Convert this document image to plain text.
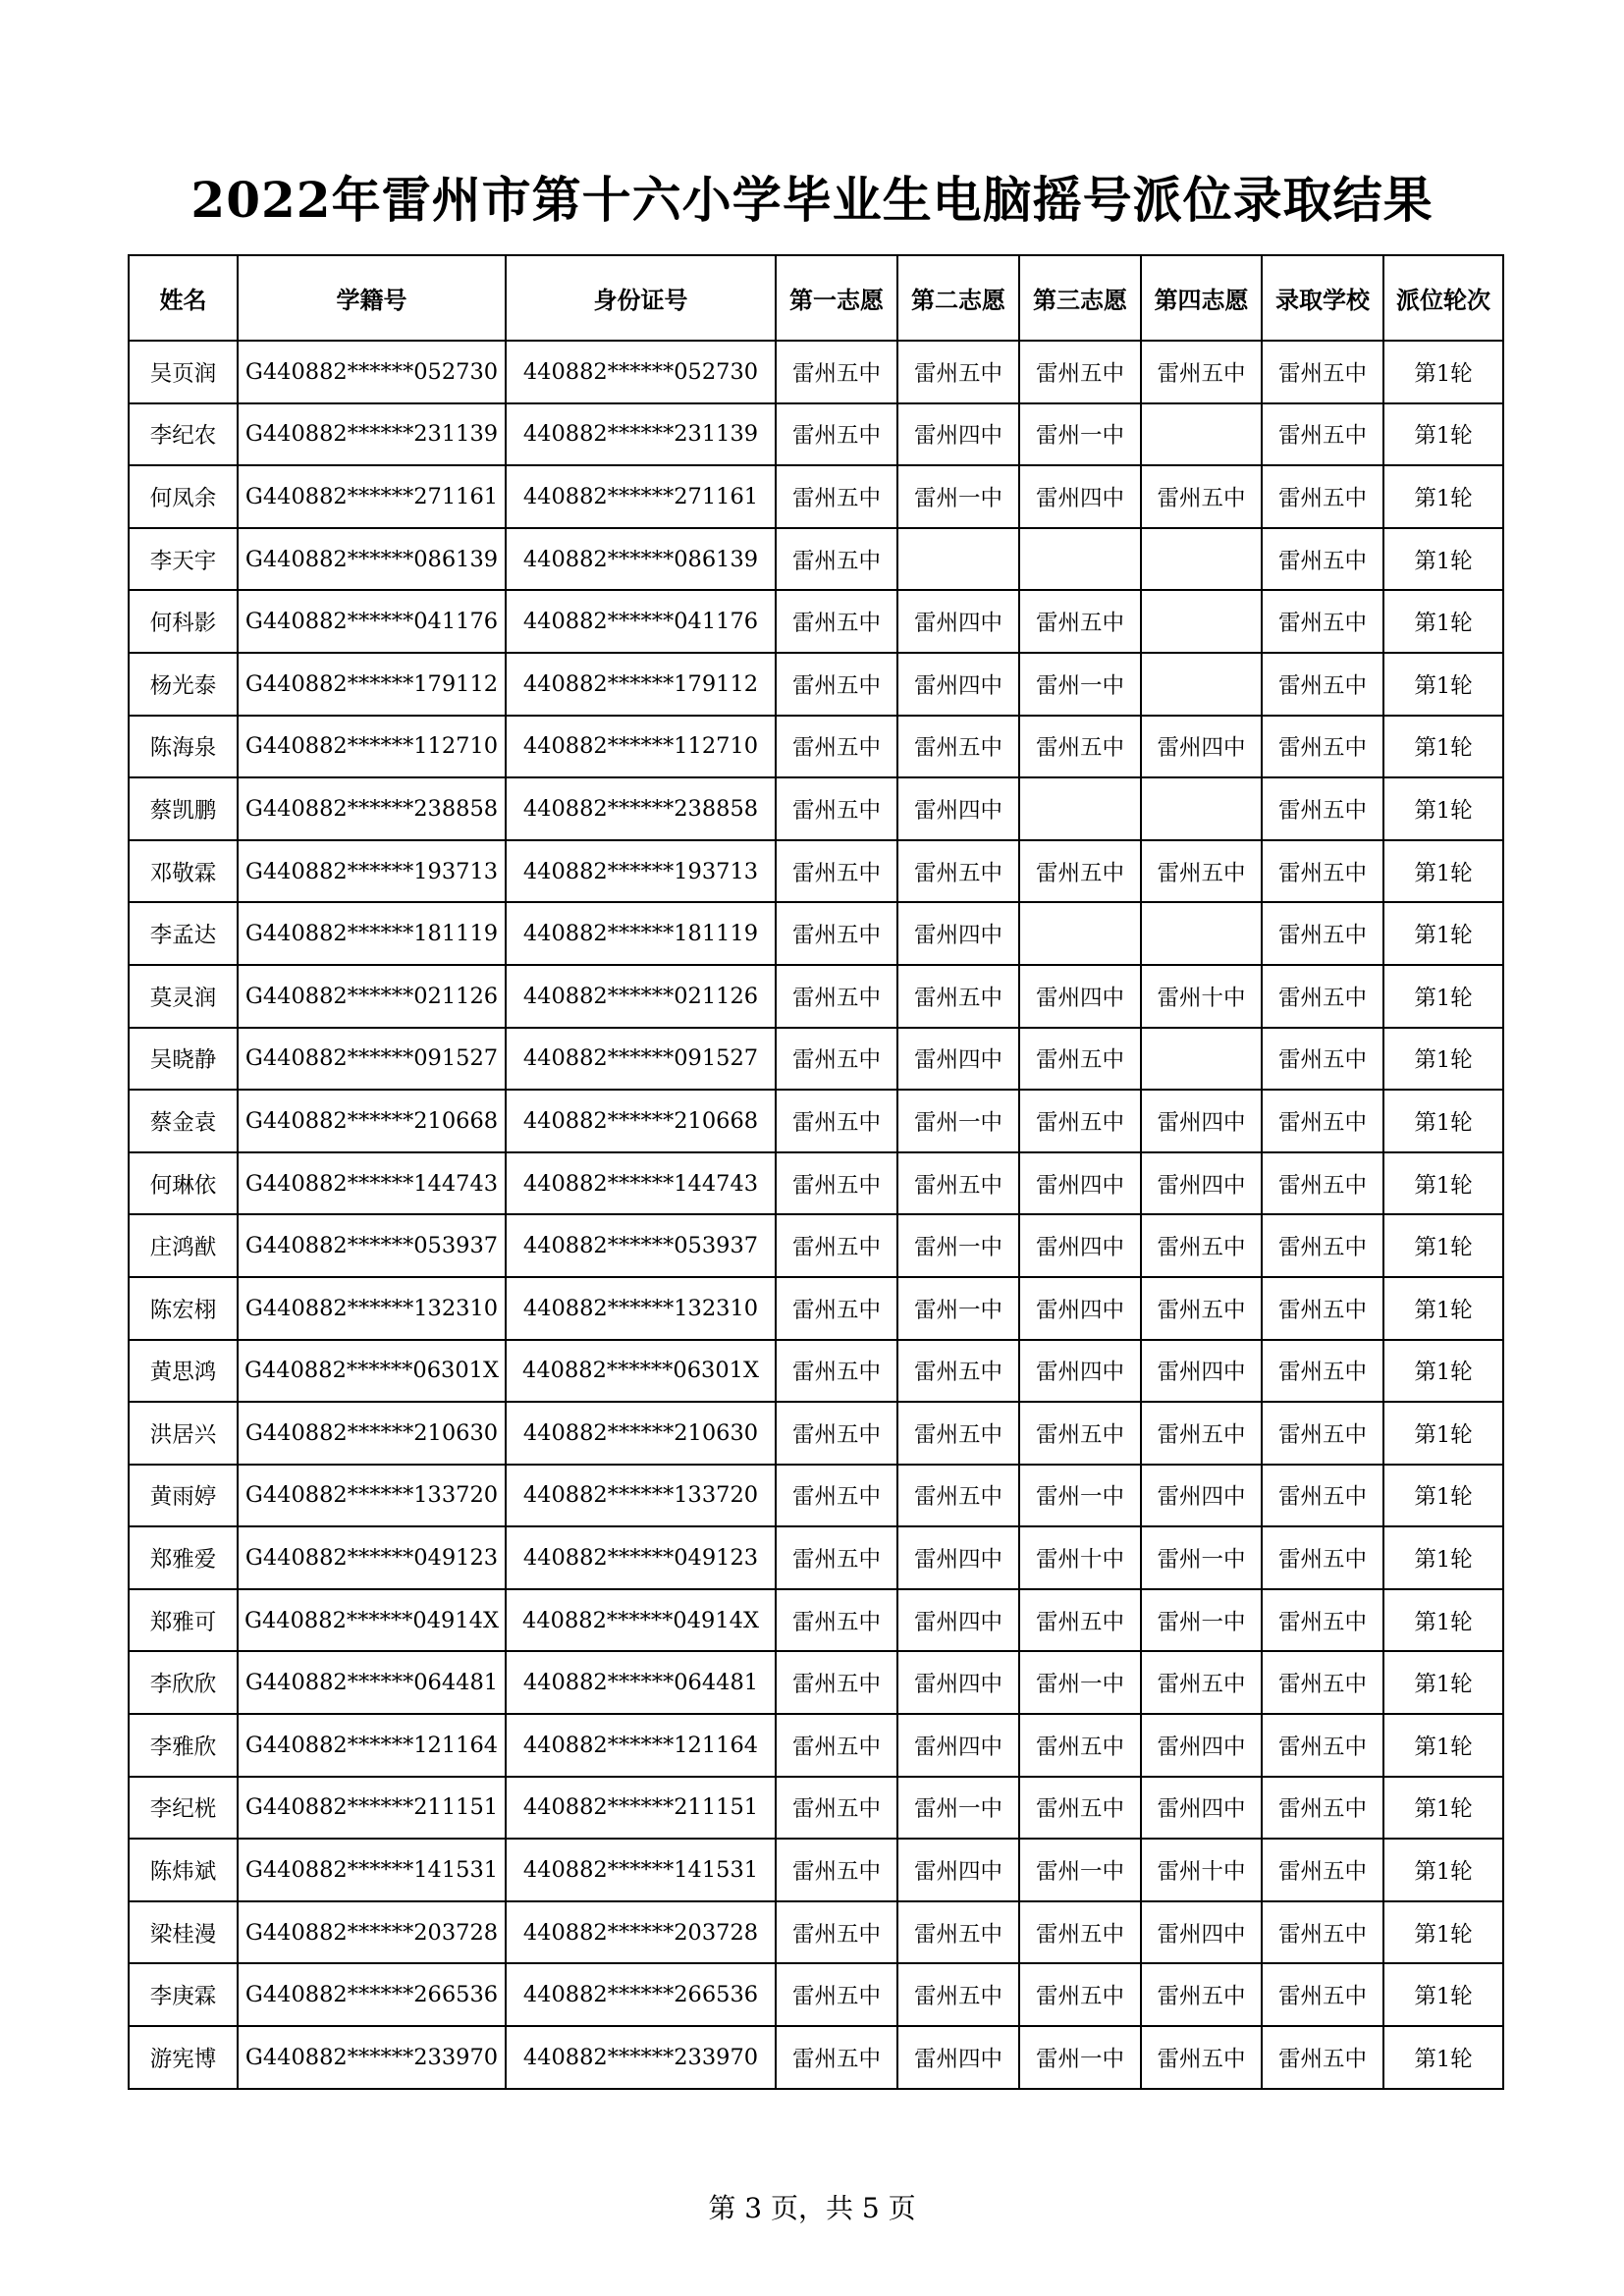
2022年雷州市第十六小学毕业生电脑摇号派位录取结果
姓名	学籍号	身份证号	第一志愿	第二志愿	第三志愿	第四志愿	录取学校	派位轮次
吴页润	G440882******052730	440882******052730	雷州五中	雷州五中	雷州五中	雷州五中	雷州五中	第1轮
李纪农	G440882******231139	440882******231139	雷州五中	雷州四中	雷州一中		雷州五中	第1轮
何凤余	G440882******271161	440882******271161	雷州五中	雷州一中	雷州四中	雷州五中	雷州五中	第1轮
李天宇	G440882******086139	440882******086139	雷州五中				雷州五中	第1轮
何科影	G440882******041176	440882******041176	雷州五中	雷州四中	雷州五中		雷州五中	第1轮
杨光泰	G440882******179112	440882******179112	雷州五中	雷州四中	雷州一中		雷州五中	第1轮
陈海泉	G440882******112710	440882******112710	雷州五中	雷州五中	雷州五中	雷州四中	雷州五中	第1轮
蔡凯鹏	G440882******238858	440882******238858	雷州五中	雷州四中			雷州五中	第1轮
邓敬霖	G440882******193713	440882******193713	雷州五中	雷州五中	雷州五中	雷州五中	雷州五中	第1轮
李孟达	G440882******181119	440882******181119	雷州五中	雷州四中			雷州五中	第1轮
莫灵润	G440882******021126	440882******021126	雷州五中	雷州五中	雷州四中	雷州十中	雷州五中	第1轮
吴晓静	G440882******091527	440882******091527	雷州五中	雷州四中	雷州五中		雷州五中	第1轮
蔡金袁	G440882******210668	440882******210668	雷州五中	雷州一中	雷州五中	雷州四中	雷州五中	第1轮
何琳依	G440882******144743	440882******144743	雷州五中	雷州五中	雷州四中	雷州四中	雷州五中	第1轮
庄鸿猷	G440882******053937	440882******053937	雷州五中	雷州一中	雷州四中	雷州五中	雷州五中	第1轮
陈宏栩	G440882******132310	440882******132310	雷州五中	雷州一中	雷州四中	雷州五中	雷州五中	第1轮
黄思鸿	G440882******06301X	440882******06301X	雷州五中	雷州五中	雷州四中	雷州四中	雷州五中	第1轮
洪居兴	G440882******210630	440882******210630	雷州五中	雷州五中	雷州五中	雷州五中	雷州五中	第1轮
黄雨婷	G440882******133720	440882******133720	雷州五中	雷州五中	雷州一中	雷州四中	雷州五中	第1轮
郑雅爱	G440882******049123	440882******049123	雷州五中	雷州四中	雷州十中	雷州一中	雷州五中	第1轮
郑雅可	G440882******04914X	440882******04914X	雷州五中	雷州四中	雷州五中	雷州一中	雷州五中	第1轮
李欣欣	G440882******064481	440882******064481	雷州五中	雷州四中	雷州一中	雷州五中	雷州五中	第1轮
李雅欣	G440882******121164	440882******121164	雷州五中	雷州四中	雷州五中	雷州四中	雷州五中	第1轮
李纪桄	G440882******211151	440882******211151	雷州五中	雷州一中	雷州五中	雷州四中	雷州五中	第1轮
陈炜斌	G440882******141531	440882******141531	雷州五中	雷州四中	雷州一中	雷州十中	雷州五中	第1轮
梁桂漫	G440882******203728	440882******203728	雷州五中	雷州五中	雷州五中	雷州四中	雷州五中	第1轮
李庚霖	G440882******266536	440882******266536	雷州五中	雷州五中	雷州五中	雷州五中	雷州五中	第1轮
游宪博	G440882******233970	440882******233970	雷州五中	雷州四中	雷州一中	雷州五中	雷州五中	第1轮
第 3 页，共 5 页
